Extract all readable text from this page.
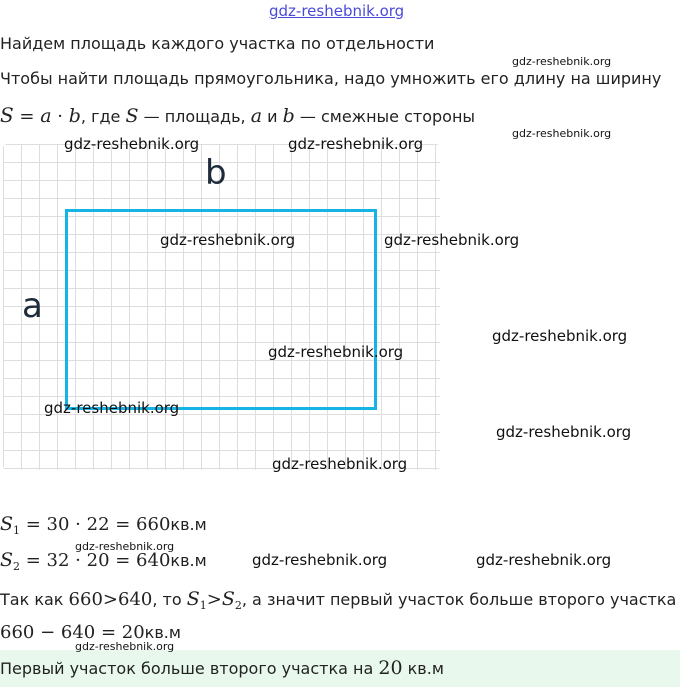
gdz-reshebnik.org
Найдем площадь каждого участка по отдельности
Чтобы найти площадь прямоугольника, надо умножить его длину на ширину
S = a · b, где S — площадь, a и b — смежные стороны
b
a
$S_1 = 30 \cdot 22 = 660кв.м$
$S_2 = 32 \cdot 20 = 640кв.м$
Так как 660>640, то $S_1>S_2$, а значит первый участок больше второго участка
660 − 640 = 20кв.м
Первый участок больше второго участка на 20 кв.м
gdz-reshebnik.org
gdz-reshebnik.org
gdz-reshebnik.org	gdz-reshebnik.org
gdz-reshebnik.org	gdz-reshebnik.org
gdz-reshebnik.org
gdz-reshebnik.org
gdz-reshebnik.org
gdz-reshebnik.org
gdz-reshebnik.org
gdz-reshebnik.org
gdz-reshebnik.org	gdz-reshebnik.org
gdz-reshebnik.org
